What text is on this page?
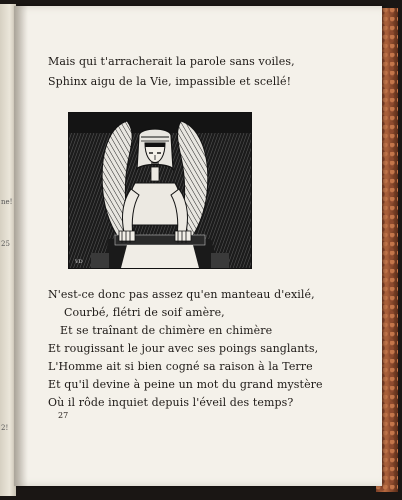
ne!
25
2!
Mais qui t'arracherait la parole sans voiles,
Sphinx aigu de la Vie, impassible et scellé!
VD
N'est-ce donc pas assez qu'en manteau d'exilé,
Courbé, flétri de soif amère,
Et se traînant de chimère en chimère
Et rougissant le jour avec ses poings sanglants,
L'Homme ait si bien cogné sa raison à la Terre
Et qu'il devine à peine un mot du grand mystère
Où il rôde inquiet depuis l'éveil des temps?
27
